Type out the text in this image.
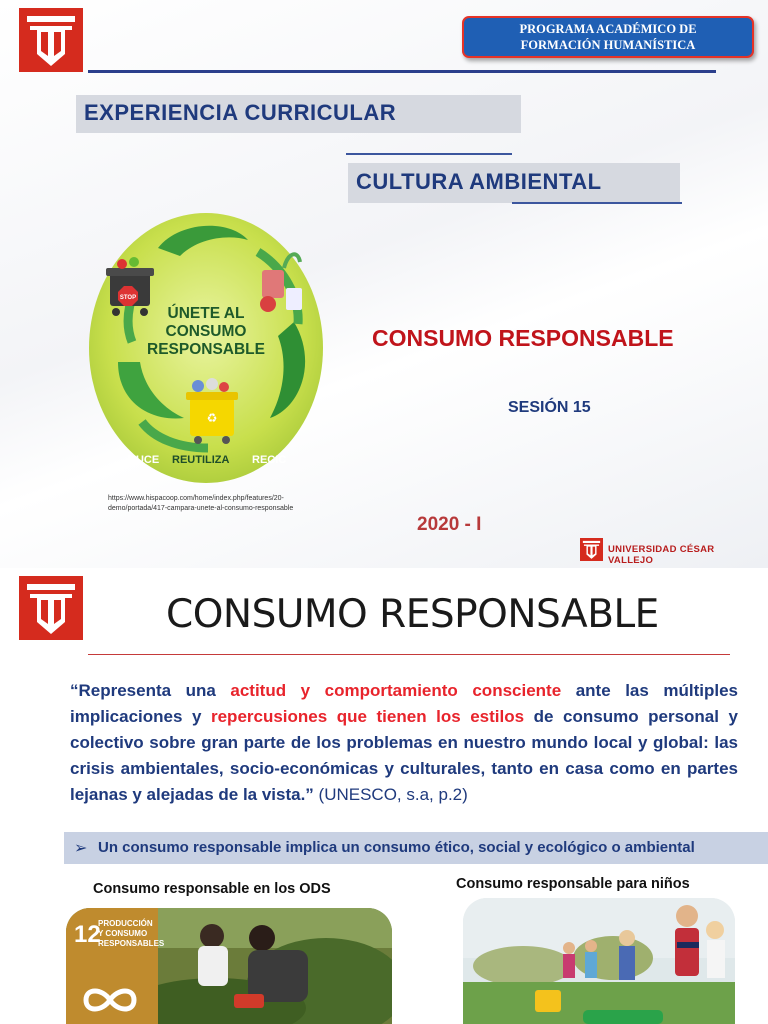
PROGRAMA ACADÉMICO DE
FORMACIÓN HUMANÍSTICA
EXPERIENCIA CURRICULAR
CULTURA AMBIENTAL
STOP
♻
ÚNETE AL
CONSUMO
RESPONSABLE
DUCE REUTILIZA RECIC
https://www.hispacoop.com/home/index.php/features/20-demo/portada/417-campara-unete-al-consumo-responsable
CONSUMO RESPONSABLE
SESIÓN 15
2020 - I
UNIVERSIDAD CÉSAR VALLEJO
CONSUMO RESPONSABLE
“Representa una actitud y comportamiento consciente ante las múltiples implicaciones y repercusiones que tienen los estilos de consumo personal y colectivo sobre gran parte de los problemas en nuestro mundo local y global: las crisis ambientales, socio-económicas y culturales, tanto en casa como en partes lejanas y alejadas de la vista.” (UNESCO, s.a, p.2)
➢ Un consumo responsable implica un consumo ético, social y ecológico o ambiental
Consumo responsable en los ODS	Consumo responsable para niños
12
PRODUCCIÓN
Y CONSUMO
RESPONSABLES
